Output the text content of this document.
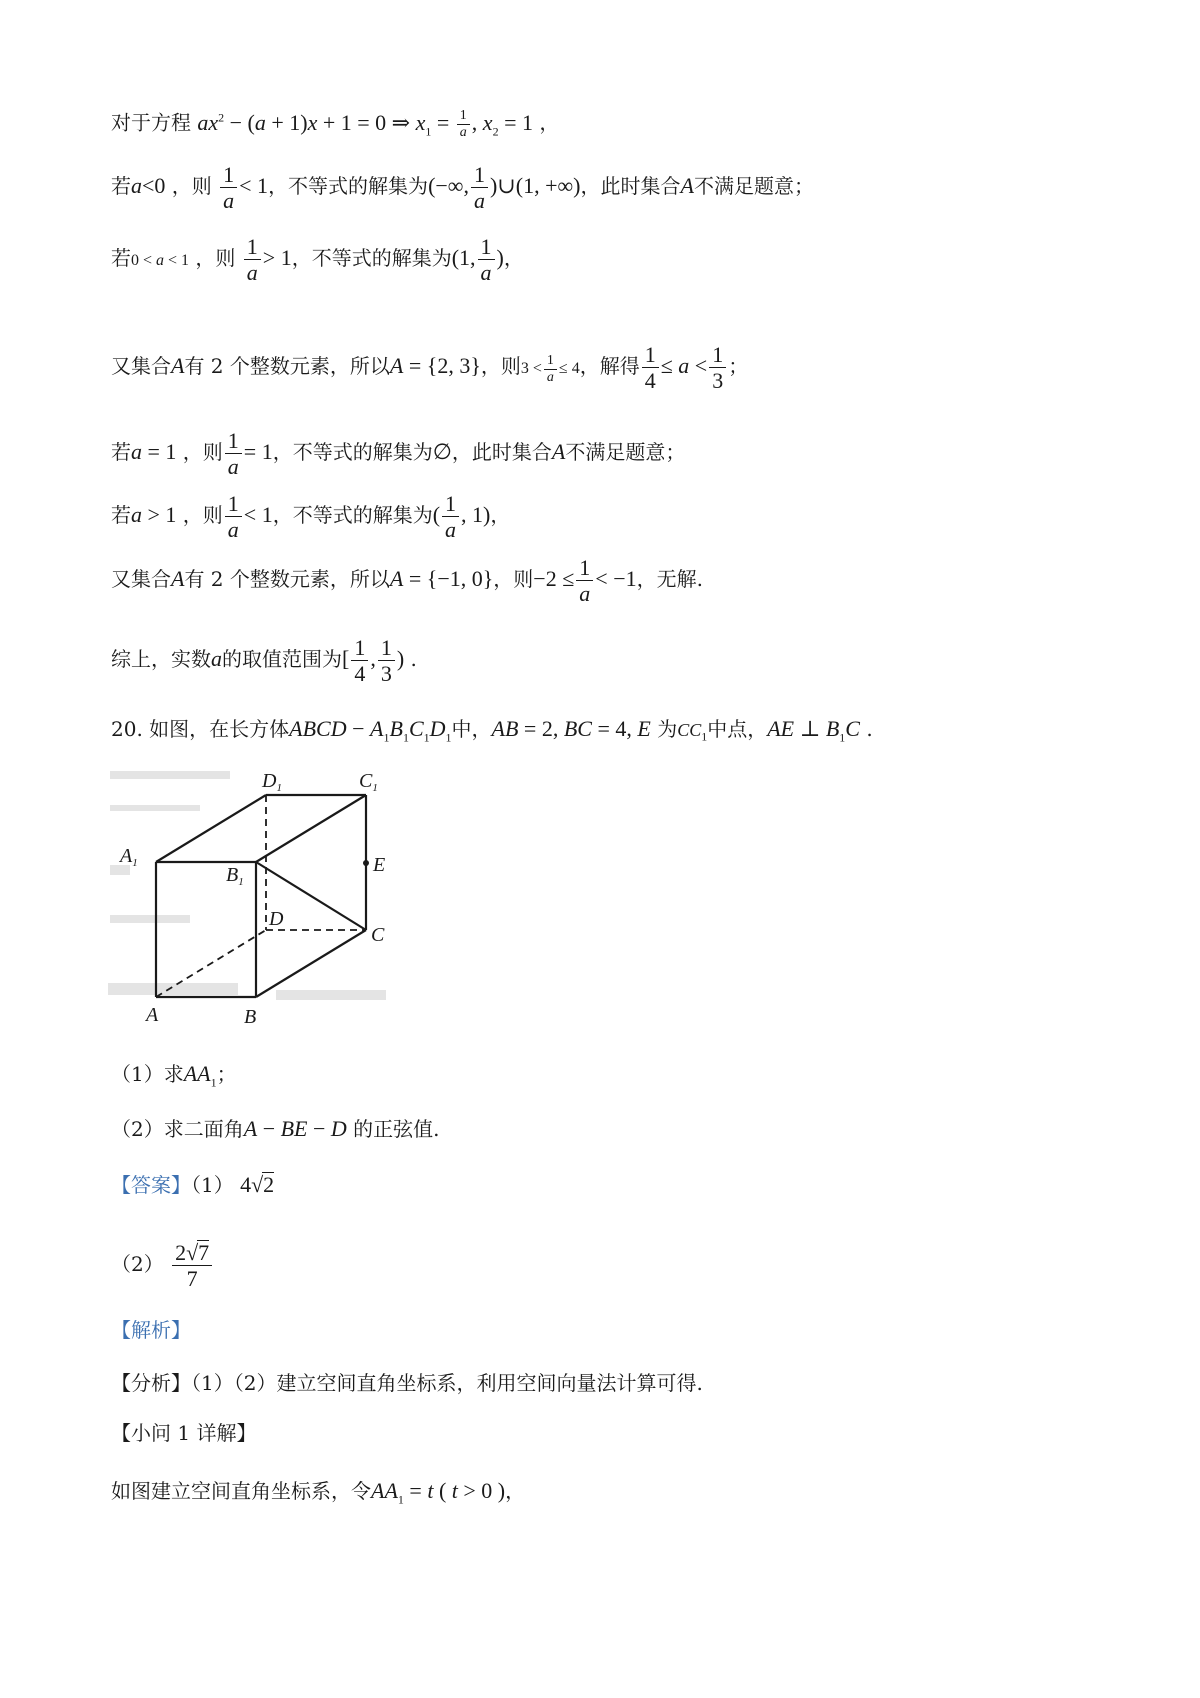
对于方程 $ax^2 - (a + 1)x + 1 = 0$ ⇒ $x_1 = \frac{1}{a}$ , $x_2 = 1$ ，
若a<0 ，则 $\frac{1}{a} < 1$，不等式的解集为(−∞, $\frac{1}{a}$ )∪(1, +∞)，此时集合A不满足题意；
若0 < a < 1 ，则 $\frac{1}{a} > 1$，不等式的解集为(1, $\frac{1}{a}$ )，
又集合A有 2 个整数元素，所以A = {2, 3}，则$3 < \frac{1}{a} \le 4$，解得 $\frac{1}{4} \le a < \frac{1}{3}$ ；
若a = 1 ，则 $\frac{1}{a} = 1$，不等式的解集为∅，此时集合A不满足题意；
若a > 1 ，则 $\frac{1}{a} < 1$，不等式的解集为( $\frac{1}{a}$ , 1)，
又集合A有 2 个整数元素，所以A = {−1, 0}，则$-2 \le \frac{1}{a} < -1$，无解.
综上，实数a的取值范围为[ $\frac{1}{4}$ , $\frac{1}{3}$ ) .
20. 如图，在长方体ABCD − $A_1B_1C_1D_1$中，AB = 2, BC = 4, E 为$CC_1$中点，AE ⊥ $B_1C$ .
$D_1$	$C_1$
$A_1$
$B_1$
E
D
C
A	B
（1）求$AA_1$；
（2）求二面角A − BE − D 的正弦值.
【答案】（1） 4√2
$(2) \frac{2√7}{7}$
【解析】
【分析】（1）（2）建立空间直角坐标系，利用空间向量法计算可得.
【小问 1 详解】
如图建立空间直角坐标系，令$AA_1 = t$ ( t > 0 )，
